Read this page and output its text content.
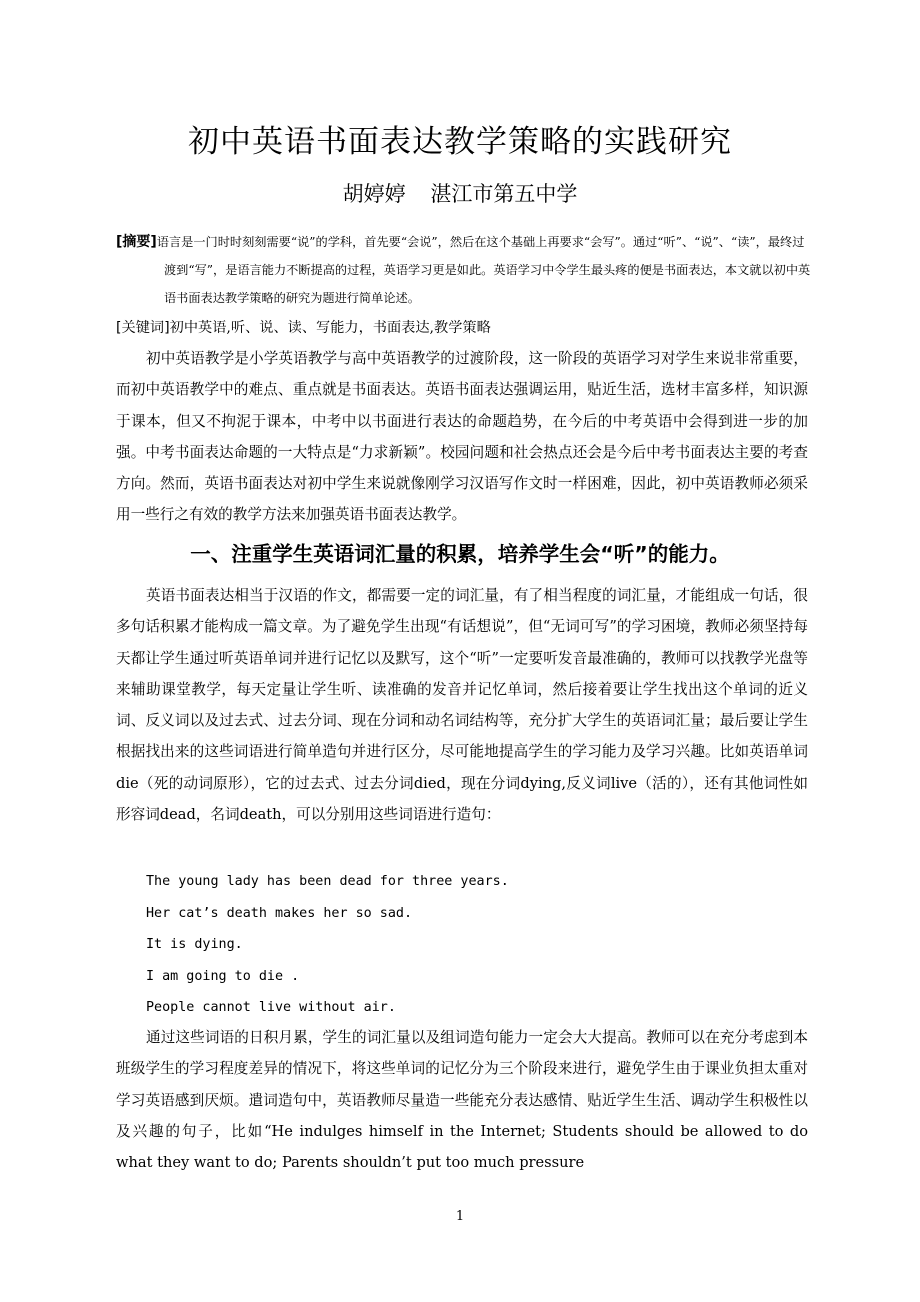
初中英语书面表达教学策略的实践研究
胡婷婷 湛江市第五中学

[摘要]语言是一门时时刻刻需要“说”的学科，首先要“会说”，然后在这个基础上再要求“会写”。通过“听”、“说”、“读”，最终过渡到“写”，是语言能力不断提高的过程，英语学习更是如此。英语学习中令学生最头疼的便是书面表达，本文就以初中英语书面表达教学策略的研究为题进行简单论述。

[关键词]初中英语,听、说、读、写能力，书面表达,教学策略

初中英语教学是小学英语教学与高中英语教学的过渡阶段，这一阶段的英语学习对学生来说非常重要，而初中英语教学中的难点、重点就是书面表达。英语书面表达强调运用，贴近生活，选材丰富多样，知识源于课本，但又不拘泥于课本，中考中以书面进行表达的命题趋势，在今后的中考英语中会得到进一步的加强。中考书面表达命题的一大特点是“力求新颖”。校园问题和社会热点还会是今后中考书面表达主要的考查方向。然而，英语书面表达对初中学生来说就像刚学习汉语写作文时一样困难，因此，初中英语教师必须采用一些行之有效的教学方法来加强英语书面表达教学。

一、注重学生英语词汇量的积累，培养学生会“听”的能力。

英语书面表达相当于汉语的作文，都需要一定的词汇量，有了相当程度的词汇量，才能组成一句话，很多句话积累才能构成一篇文章。为了避免学生出现“有话想说”，但“无词可写”的学习困境，教师必须坚持每天都让学生通过听英语单词并进行记忆以及默写，这个“听”一定要听发音最准确的，教师可以找教学光盘等来辅助课堂教学，每天定量让学生听、读准确的发音并记忆单词，然后接着要让学生找出这个单词的近义词、反义词以及过去式、过去分词、现在分词和动名词结构等，充分扩大学生的英语词汇量；最后要让学生根据找出来的这些词语进行简单造句并进行区分，尽可能地提高学生的学习能力及学习兴趣。比如英语单词die（死的动词原形），它的过去式、过去分词died，现在分词dying,反义词live（活的），还有其他词性如形容词dead，名词death，可以分别用这些词语进行造句：

The young lady has been dead for three years.
Her cat’s death makes her so sad.
It is dying.
I am going to die .
People cannot live without air.

通过这些词语的日积月累，学生的词汇量以及组词造句能力一定会大大提高。教师可以在充分考虑到本班级学生的学习程度差异的情况下，将这些单词的记忆分为三个阶段来进行，避免学生由于课业负担太重对学习英语感到厌烦。遣词造句中，英语教师尽量造一些能充分表达感情、贴近学生生活、调动学生积极性以及兴趣的句子，比如“He indulges himself in the Internet; Students should be allowed to do what they want to do; Parents shouldn’t put too much pressure

1
